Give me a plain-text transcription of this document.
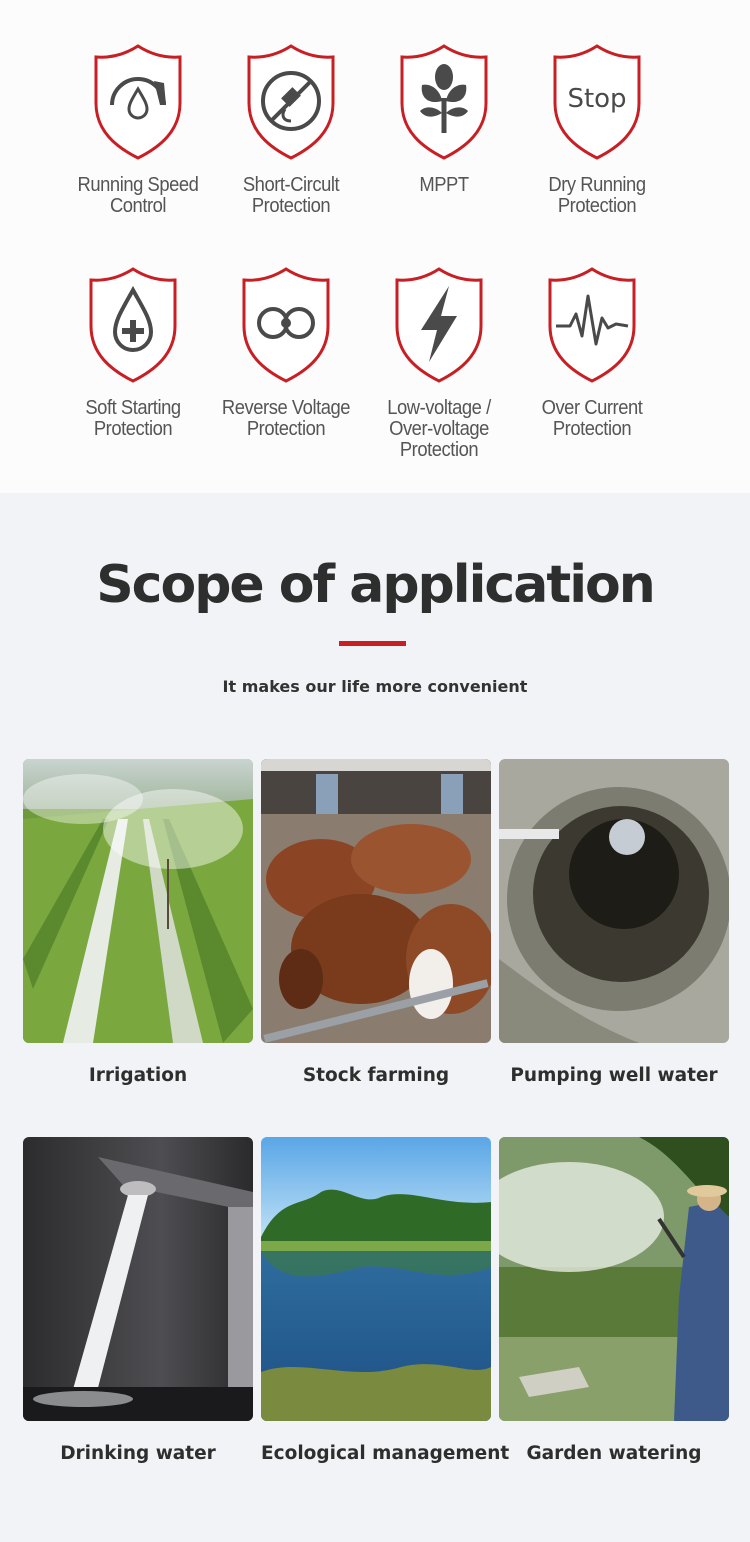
Running Speed
Control
Short-Circult
Protection
MPPT
Stop
Dry Running
Protection
Soft Starting
Protection
Reverse Voltage
Protection
Low-voltage /
Over-voltage
Protection
Over Current
Protection
Scope of application
It makes our life more convenient
Irrigation	Stock farming	Pumping well water
Drinking water	Ecological management Garden watering
